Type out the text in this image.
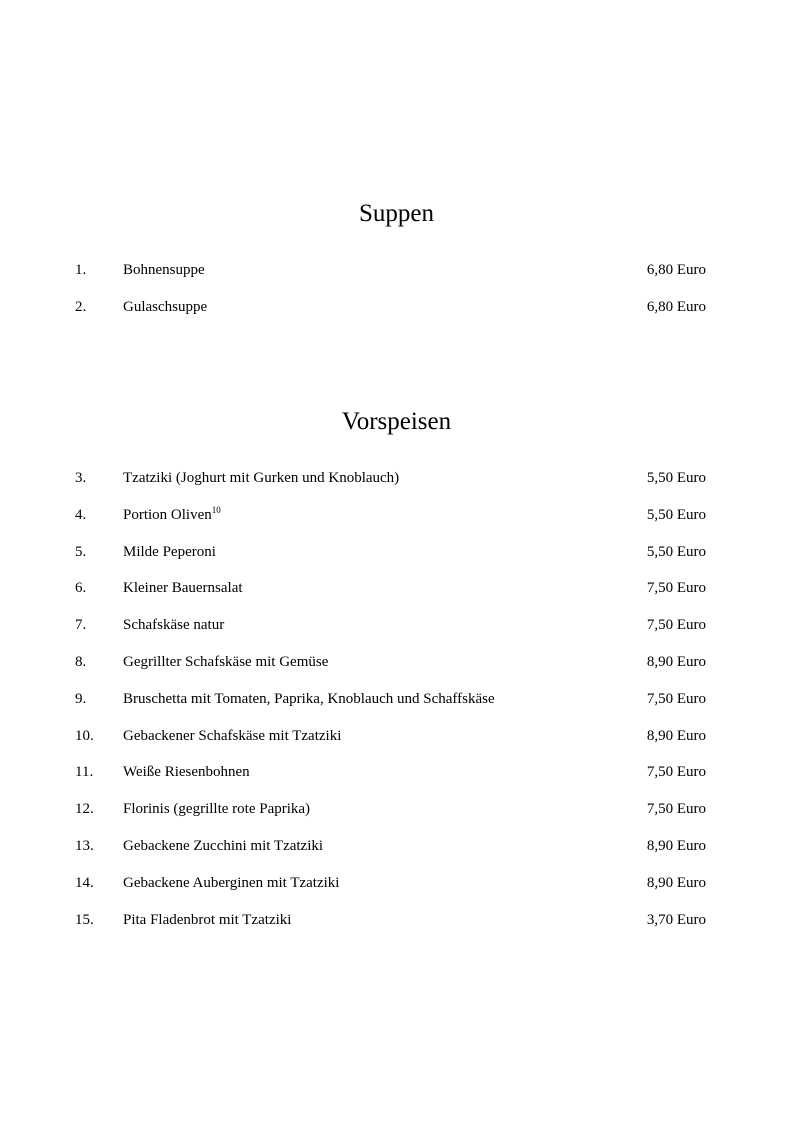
Suppen
1. Bohnensuppe	6,80 Euro
2. Gulaschsuppe	6,80 Euro
Vorspeisen
3. Tzatziki (Joghurt mit Gurken und Knoblauch)	5,50 Euro
4. Portion Oliven$^{10}$	5,50 Euro
5. Milde Peperoni	5,50 Euro
6. Kleiner Bauernsalat	7,50 Euro
7. Schafskäse natur	7,50 Euro
8. Gegrillter Schafskäse mit Gemüse	8,90 Euro
9. Bruschetta mit Tomaten, Paprika, Knoblauch und Schaffskäse	7,50 Euro
10. Gebackener Schafskäse mit Tzatziki	8,90 Euro
11. Weiße Riesenbohnen	7,50 Euro
12. Florinis (gegrillte rote Paprika)	7,50 Euro
13. Gebackene Zucchini mit Tzatziki	8,90 Euro
14. Gebackene Auberginen mit Tzatziki	8,90 Euro
15. Pita Fladenbrot mit Tzatziki	3,70 Euro
